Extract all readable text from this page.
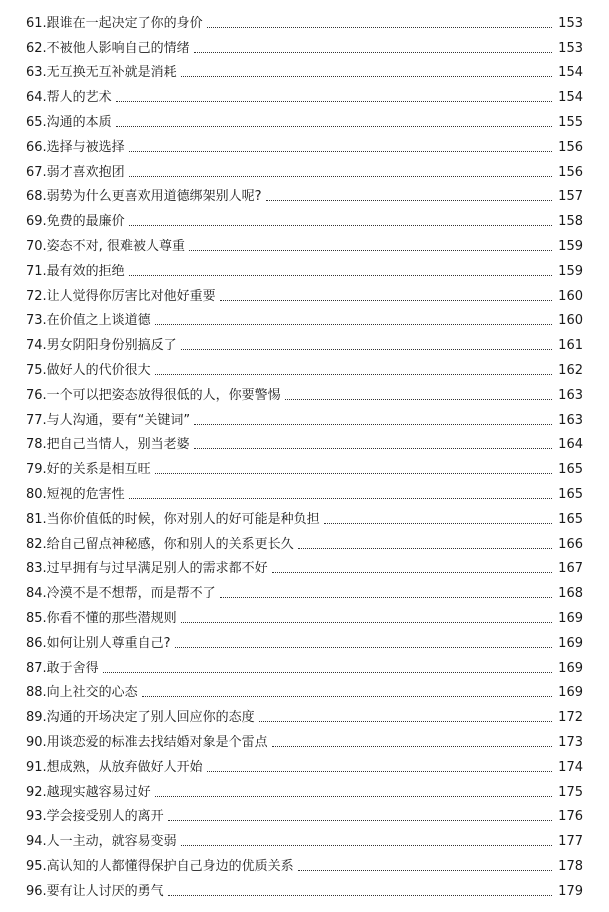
61.跟谁在一起决定了你的身价	153
62.不被他人影响自己的情绪	153
63.无互换无互补就是消耗	154
64.帮人的艺术	154
65.沟通的本质	155
66.选择与被选择	156
67.弱才喜欢抱团	156
68.弱势为什么更喜欢用道德绑架别人呢?	157
69.免费的最廉价	158
70.姿态不对, 很难被人尊重	159
71.最有效的拒绝	159
72.让人觉得你厉害比对他好重要	160
73.在价值之上谈道德	160
74.男女阴阳身份别搞反了	161
75.做好人的代价很大	162
76.一个可以把姿态放得很低的人，你要警惕	163
77.与人沟通，要有“关键词”	163
78.把自己当情人，别当老婆	164
79.好的关系是相互旺	165
80.短视的危害性	165
81.当你价值低的时候，你对别人的好可能是种负担	165
82.给自己留点神秘感，你和别人的关系更长久	166
83.过早拥有与过早满足别人的需求都不好	167
84.冷漠不是不想帮，而是帮不了	168
85.你看不懂的那些潜规则	169
86.如何让别人尊重自己?	169
87.敢于舍得	169
88.向上社交的心态	169
89.沟通的开场决定了别人回应你的态度	172
90.用谈恋爱的标准去找结婚对象是个雷点	173
91.想成熟，从放弃做好人开始	174
92.越现实越容易过好	175
93.学会接受别人的离开	176
94.人一主动，就容易变弱	177
95.高认知的人都懂得保护自己身边的优质关系	178
96.要有让人讨厌的勇气	179
